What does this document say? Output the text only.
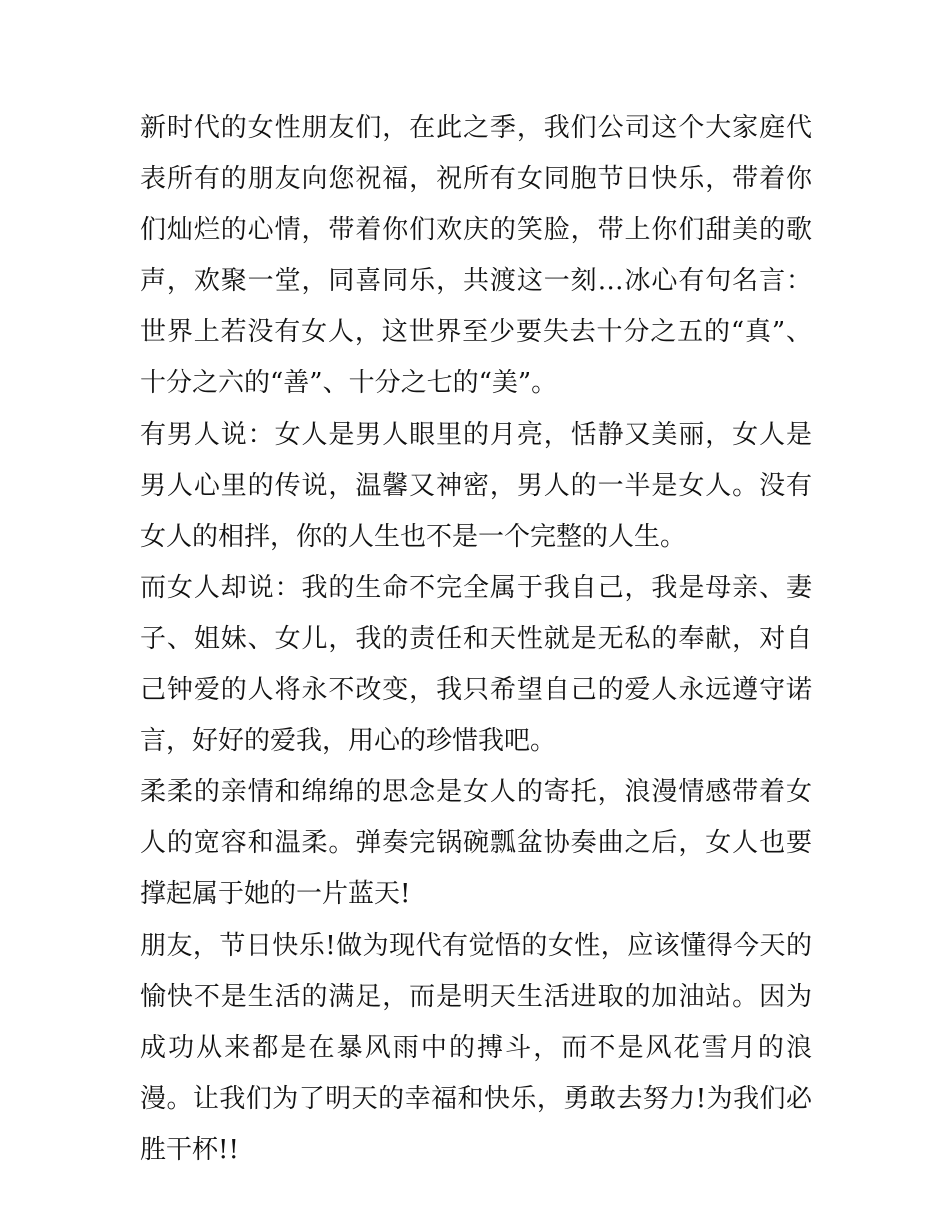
新时代的女性朋友们，在此之季，我们公司这个大家庭代表所有的朋友向您祝福，祝所有女同胞节日快乐，带着你们灿烂的心情，带着你们欢庆的笑脸，带上你们甜美的歌声，欢聚一堂，同喜同乐，共渡这一刻…冰心有句名言：世界上若没有女人，这世界至少要失去十分之五的“真”、十分之六的“善”、十分之七的“美”。

有男人说：女人是男人眼里的月亮，恬静又美丽，女人是男人心里的传说，温馨又神密，男人的一半是女人。没有女人的相拌，你的人生也不是一个完整的人生。

而女人却说：我的生命不完全属于我自己，我是母亲、妻子、姐妹、女儿，我的责任和天性就是无私的奉献，对自己钟爱的人将永不改变，我只希望自己的爱人永远遵守诺言，好好的爱我，用心的珍惜我吧。

柔柔的亲情和绵绵的思念是女人的寄托，浪漫情感带着女人的宽容和温柔。弹奏完锅碗瓢盆协奏曲之后，女人也要撑起属于她的一片蓝天!

朋友，节日快乐!做为现代有觉悟的女性，应该懂得今天的愉快不是生活的满足，而是明天生活进取的加油站。因为成功从来都是在暴风雨中的搏斗，而不是风花雪月的浪漫。让我们为了明天的幸福和快乐，勇敢去努力!为我们必胜干杯!!
